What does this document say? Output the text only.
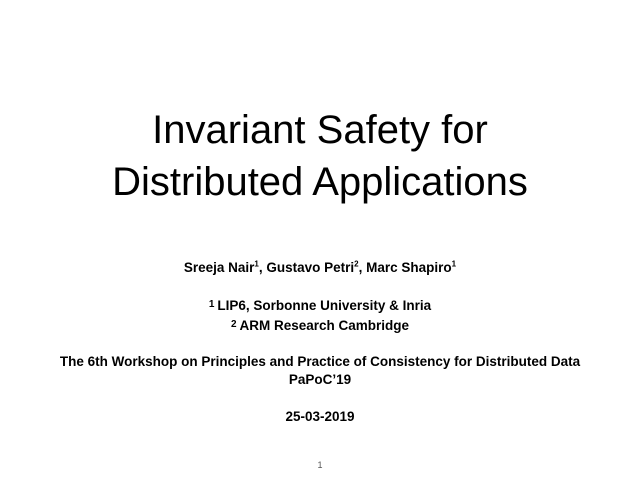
Invariant Safety for
Distributed Applications
Sreeja Nair$^1$, Gustavo Petri$^2$, Marc Shapiro$^1$
$^1$ LIP6, Sorbonne University & Inria
$^2$ ARM Research Cambridge
The 6th Workshop on Principles and Practice of Consistency for Distributed Data
PaPoC’19
25-03-2019
1
